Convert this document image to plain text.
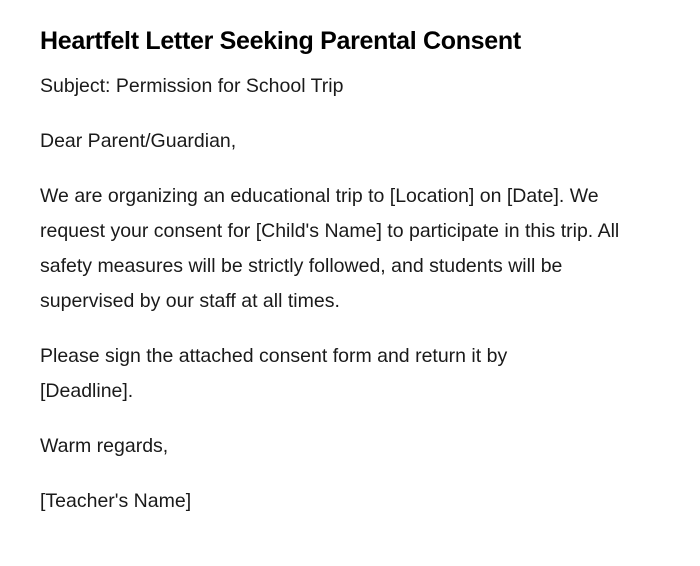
Heartfelt Letter Seeking Parental Consent

Subject: Permission for School Trip

Dear Parent/Guardian,

We are organizing an educational trip to [Location] on [Date]. We request your consent for [Child's Name] to participate in this trip. All safety measures will be strictly followed, and students will be supervised by our staff at all times.

Please sign the attached consent form and return it by [Deadline].

Warm regards,

[Teacher's Name]
